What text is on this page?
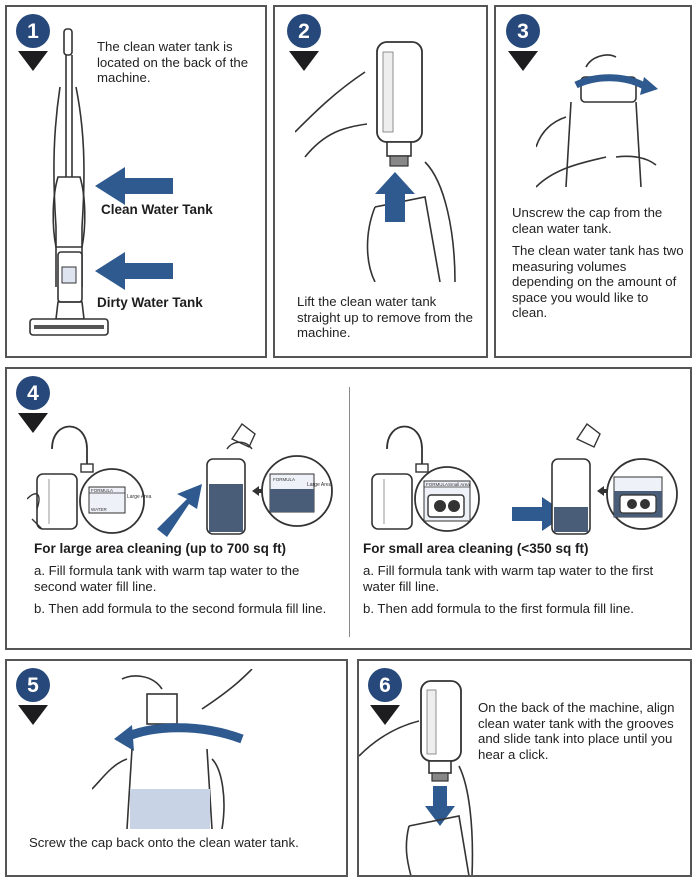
1
The clean water tank is located on the back of the machine.
Clean Water Tank
Dirty Water Tank
2
Lift the clean water tank straight up to remove from the machine.
3
Unscrew the cap from the clean water tank.
The clean water tank has two measuring volumes depending on the amount of space you would like to clean.
4
FORMULA
WATER
Large Area
FORMULA
Large Area
For large area cleaning (up to 700 sq ft)
a. Fill formula tank with warm tap water to the second water fill line.
b. Then add formula to the second formula fill line.
FORMULA Small Area
For small area cleaning (<350 sq ft)
a. Fill formula tank with warm tap water to the first water fill line.
b. Then add formula to the first formula fill line.
5
Screw the cap back onto the clean water tank.
6
On the back of the machine, align clean water tank with the grooves and slide tank into place until you hear a click.
